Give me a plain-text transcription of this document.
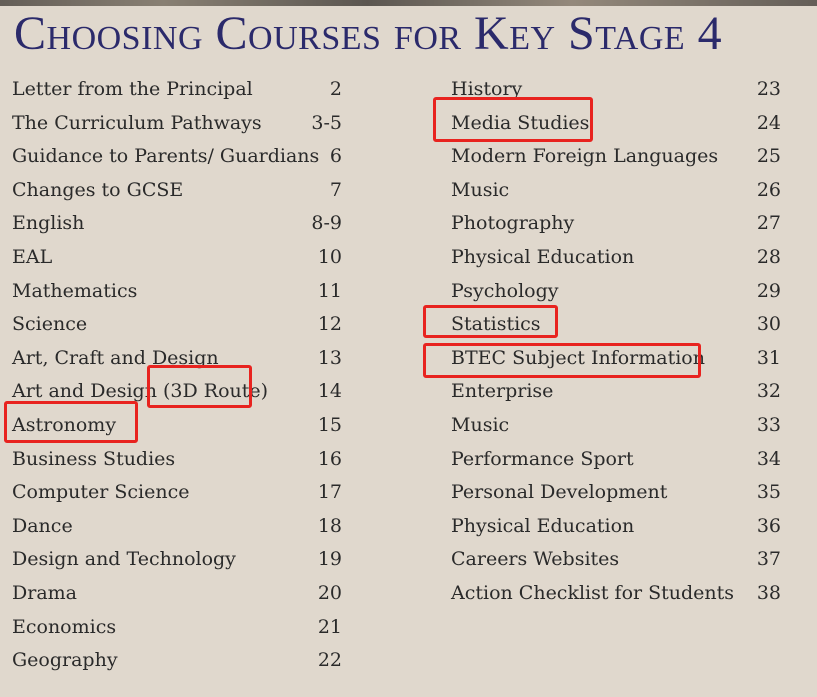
Choosing Courses for Key Stage 4
Letter from the Principal	2
The Curriculum Pathways	3-5
Guidance to Parents/ Guardians 6
Changes to GCSE	7
English	8-9
EAL	10
Mathematics	11
Science	12
Art, Craft and Design	13
Art and Design (3D Route)	14
Astronomy	15
Business Studies	16
Computer Science	17
Dance	18
Design and Technology	19
Drama	20
Economics	21
Geography	22
History	23
Media Studies	24
Modern Foreign Languages	25
Music	26
Photography	27
Physical Education	28
Psychology	29
Statistics	30
BTEC Subject Information	31
Enterprise	32
Music	33
Performance Sport	34
Personal Development	35
Physical Education	36
Careers Websites	37
Action Checklist for Students	38
